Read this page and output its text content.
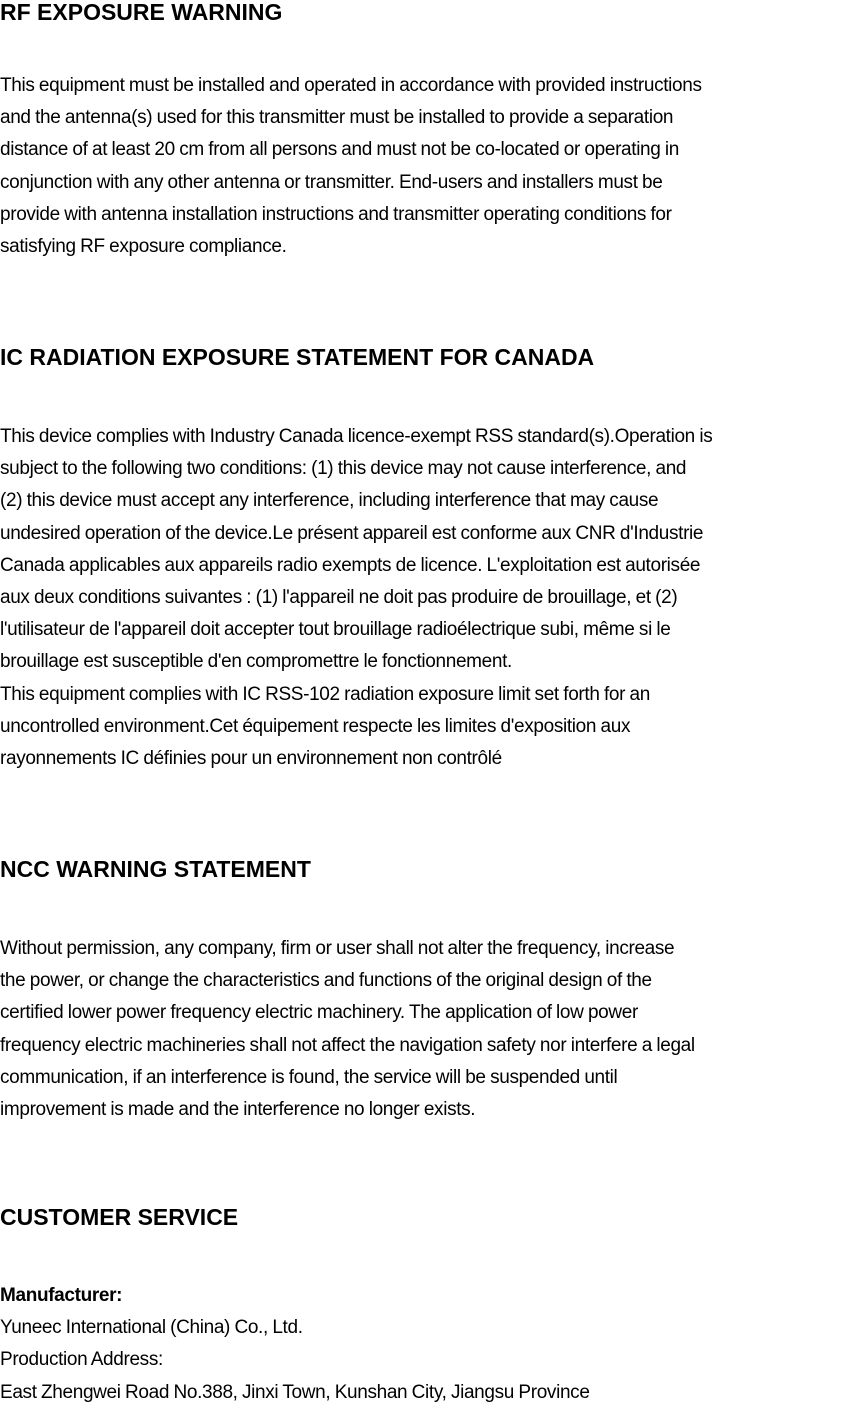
RF EXPOSURE WARNING
This equipment must be installed and operated in accordance with provided instructions
and the antenna(s) used for this transmitter must be installed to provide a separation
distance of at least 20 cm from all persons and must not be co-located or operating in
conjunction with any other antenna or transmitter. End-users and installers must be
provide with antenna installation instructions and transmitter operating conditions for
satisfying RF exposure compliance.
IC RADIATION EXPOSURE STATEMENT FOR CANADA
This device complies with Industry Canada licence-exempt RSS standard(s).Operation is
subject to the following two conditions: (1) this device may not cause interference, and
(2) this device must accept any interference, including interference that may cause
undesired operation of the device.Le présent appareil est conforme aux CNR d'Industrie
Canada applicables aux appareils radio exempts de licence. L'exploitation est autorisée
aux deux conditions suivantes : (1) l'appareil ne doit pas produire de brouillage, et (2)
l'utilisateur de l'appareil doit accepter tout brouillage radioélectrique subi, même si le
brouillage est susceptible d'en compromettre le fonctionnement.
This equipment complies with IC RSS-102 radiation exposure limit set forth for an
uncontrolled environment.Cet équipement respecte les limites d'exposition aux
rayonnements IC définies pour un environnement non contrôlé
NCC WARNING STATEMENT
Without permission, any company, firm or user shall not alter the frequency, increase
the power, or change the characteristics and functions of the original design of the
certified lower power frequency electric machinery. The application of low power
frequency electric machineries shall not affect the navigation safety nor interfere a legal
communication, if an interference is found, the service will be suspended until
improvement is made and the interference no longer exists.
CUSTOMER SERVICE
Manufacturer:
Yuneec International (China) Co., Ltd.
Production Address:
East Zhengwei Road No.388, Jinxi Town, Kunshan City, Jiangsu Province
